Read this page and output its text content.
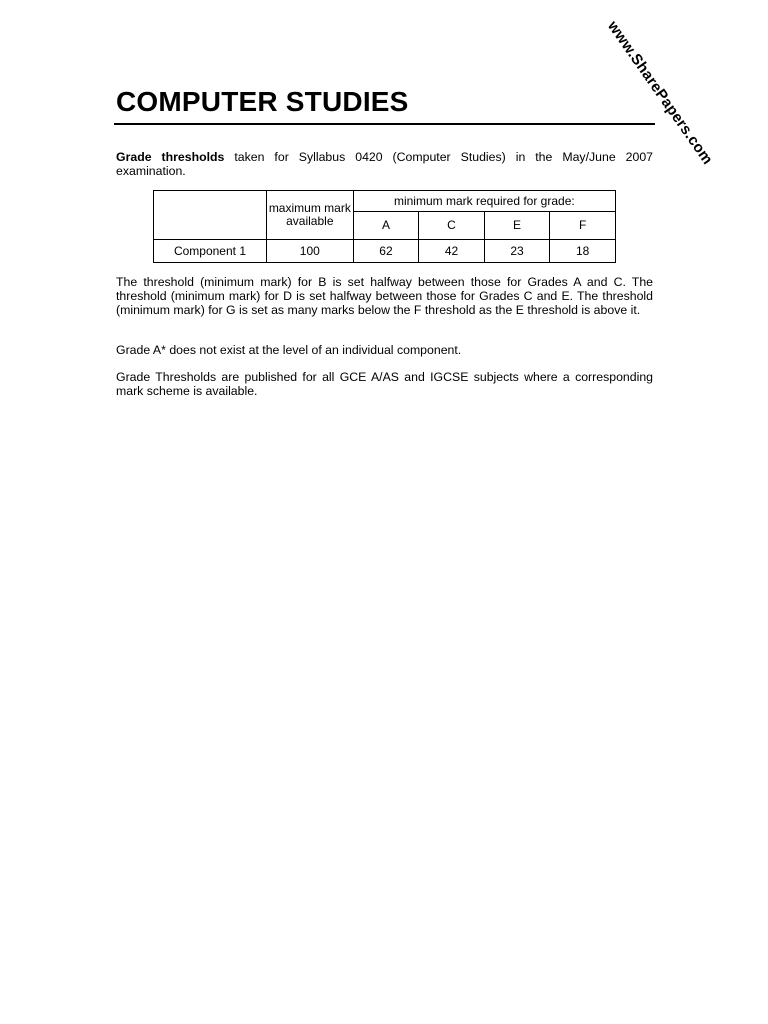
www.SharePapers.com
COMPUTER STUDIES

Grade thresholds taken for Syllabus 0420 (Computer Studies) in the May/June 2007 examination.

	maximum mark available	minimum mark required for grade:			
		A	C	E	F
Component 1	100	62	42	23	18

The threshold (minimum mark) for B is set halfway between those for Grades A and C. The threshold (minimum mark) for D is set halfway between those for Grades C and E. The threshold (minimum mark) for G is set as many marks below the F threshold as the E threshold is above it.

Grade A* does not exist at the level of an individual component.

Grade Thresholds are published for all GCE A/AS and IGCSE subjects where a corresponding mark scheme is available.
